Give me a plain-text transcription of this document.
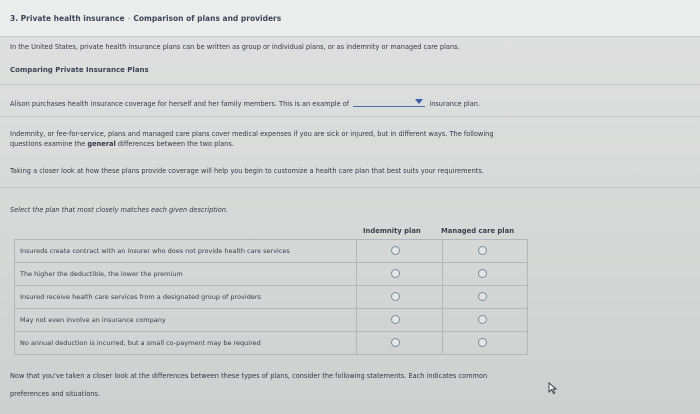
3. Private health insurance - Comparison of plans and providers
In the United States, private health insurance plans can be written as group or individual plans, or as indemnity or managed care plans.
Comparing Private Insurance Plans
Alison purchases health insurance coverage for herself and her family members. This is an example of	insurance plan.
Indemnity, or fee-for-service, plans and managed care plans cover medical expenses if you are sick or injured, but in different ways. The following
questions examine the general differences between the two plans.
Taking a closer look at how these plans provide coverage will help you begin to customize a health care plan that best suits your requirements.
Select the plan that most closely matches each given description.
Indemnity plan	Managed care plan
Insureds create contract with an insurer who does not provide health care services
The higher the deductible, the lower the premium
Insured receive health care services from a designated group of providers
May not even involve an insurance company
No annual deduction is incurred, but a small co-payment may be required
Now that you've taken a closer look at the differences between these types of plans, consider the following statements. Each indicates common
preferences and situations.
